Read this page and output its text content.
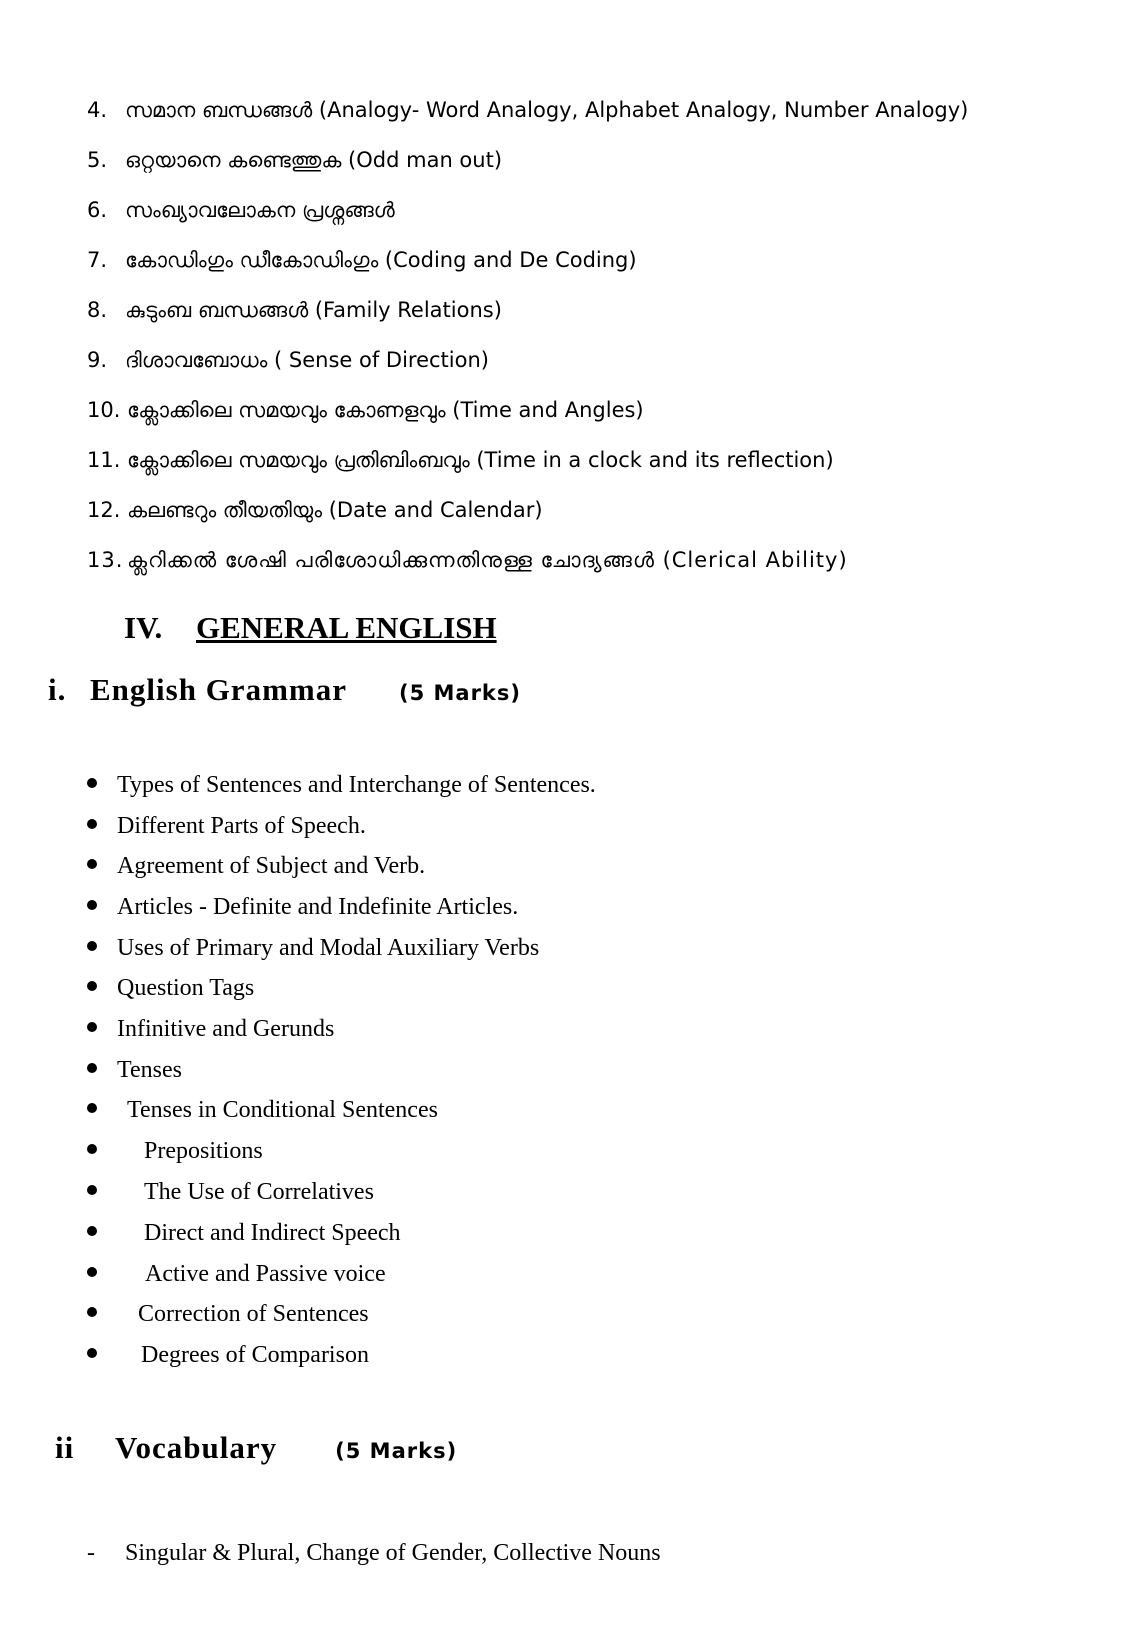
4. സമാന ബന്ധങ്ങൾ (Analogy- Word Analogy, Alphabet Analogy, Number Analogy)
5. ഒറ്റയാനെ കണ്ടെത്തുക (Odd man out)
6. സംഖ്യാവലോകന പ്രശ്നങ്ങൾ
7. കോഡിംഗും ഡീകോഡിംഗും (Coding and De Coding)
8. കുടുംബ ബന്ധങ്ങൾ (Family Relations)
9. ദിശാവബോധം ( Sense of Direction)
10. ക്ലോക്കിലെ സമയവും കോണളവും (Time and Angles)
11. ക്ലോക്കിലെ സമയവും പ്രതിബിംബവും (Time in a clock and its reflection)
12. കലണ്ടറും തീയതിയും (Date and Calendar)
13. ക്ലറിക്കൽ ശേഷി പരിശോധിക്കുന്നതിനുള്ള ചോദ്യങ്ങൾ (Clerical Ability)
IV. GENERAL ENGLISH
i. English Grammar (5 Marks)
Types of Sentences and Interchange of Sentences.
Different Parts of Speech.
Agreement of Subject and Verb.
Articles - Definite and Indefinite Articles.
Uses of Primary and Modal Auxiliary Verbs
Question Tags
Infinitive and Gerunds
Tenses
Tenses in Conditional Sentences
Prepositions
The Use of Correlatives
Direct and Indirect Speech
Active and Passive voice
Correction of Sentences
Degrees of Comparison
ii Vocabulary	(5 Marks)
- Singular & Plural, Change of Gender, Collective Nouns
